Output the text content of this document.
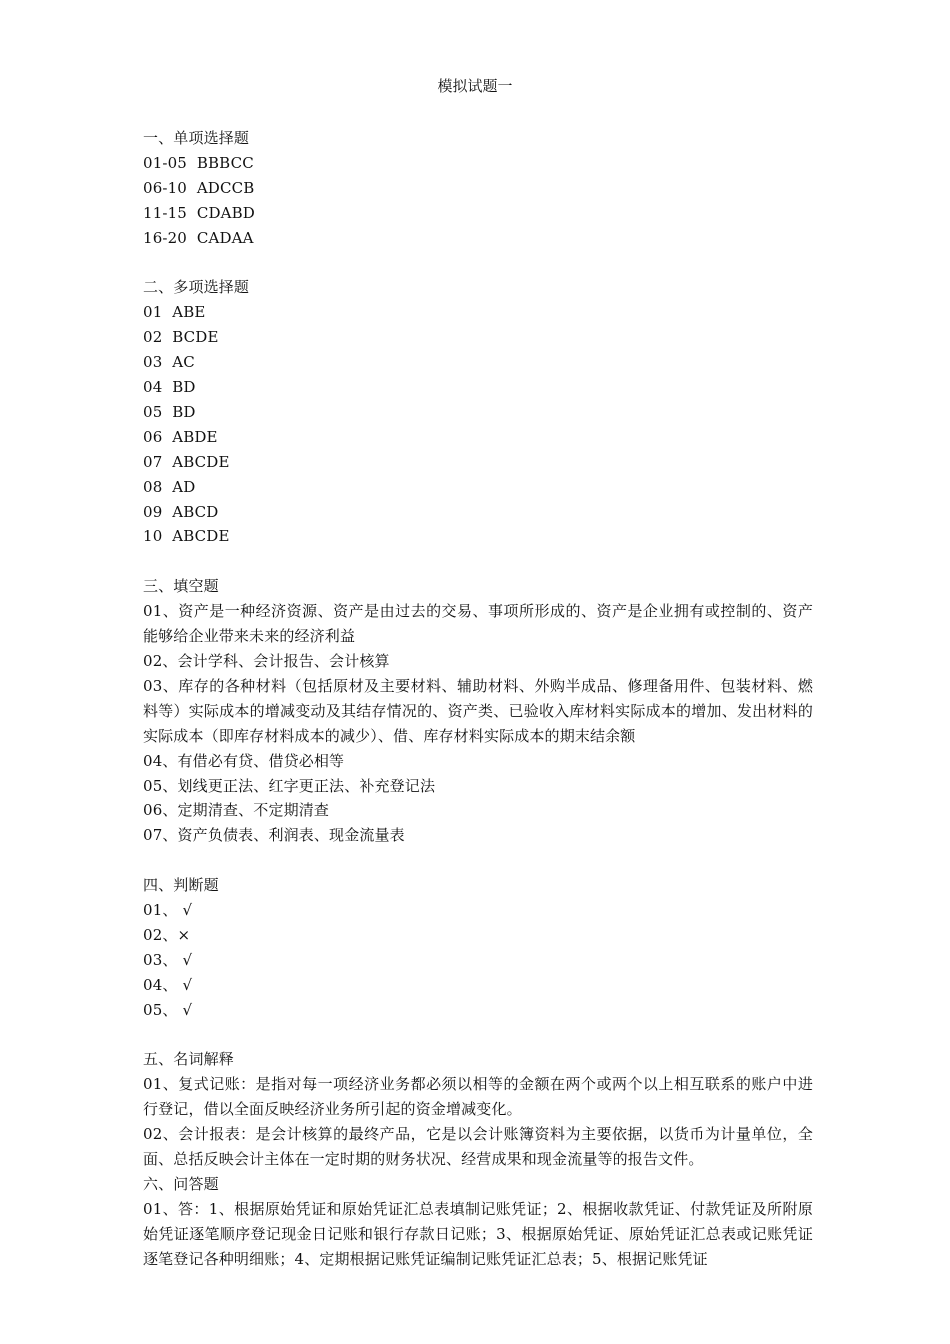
模拟试题一

一、单项选择题

01-05  BBBCC

06-10  ADCCB

11-15  CDABD

16-20  CADAA

二、多项选择题

01  ABE

02  BCDE

03  AC

04  BD

05  BD

06  ABDE

07  ABCDE

08  AD

09  ABCD

10  ABCDE

三、填空题

01、资产是一种经济资源、资产是由过去的交易、事项所形成的、资产是企业拥有或控制的、资产能够给企业带来未来的经济利益

02、会计学科、会计报告、会计核算

03、库存的各种材料（包括原材及主要材料、辅助材料、外购半成品、修理备用件、包装材料、燃料等）实际成本的增减变动及其结存情况的、资产类、已验收入库材料实际成本的增加、发出材料的实际成本（即库存材料成本的减少）、借、库存材料实际成本的期末结余额

04、有借必有贷、借贷必相等

05、划线更正法、红字更正法、补充登记法

06、定期清查、不定期清查

07、资产负债表、利润表、现金流量表

四、判断题

01、 √

02、×

03、 √

04、 √

05、 √

五、名词解释

01、复式记账：是指对每一项经济业务都必须以相等的金额在两个或两个以上相互联系的账户中进行登记，借以全面反映经济业务所引起的资金增减变化。

02、会计报表：是会计核算的最终产品，它是以会计账簿资料为主要依据，以货币为计量单位，全面、总括反映会计主体在一定时期的财务状况、经营成果和现金流量等的报告文件。

六、问答题

01、答：1、根据原始凭证和原始凭证汇总表填制记账凭证；2、根据收款凭证、付款凭证及所附原始凭证逐笔顺序登记现金日记账和银行存款日记账；3、根据原始凭证、原始凭证汇总表或记账凭证逐笔登记各种明细账；4、定期根据记账凭证编制记账凭证汇总表；5、根据记账凭证
